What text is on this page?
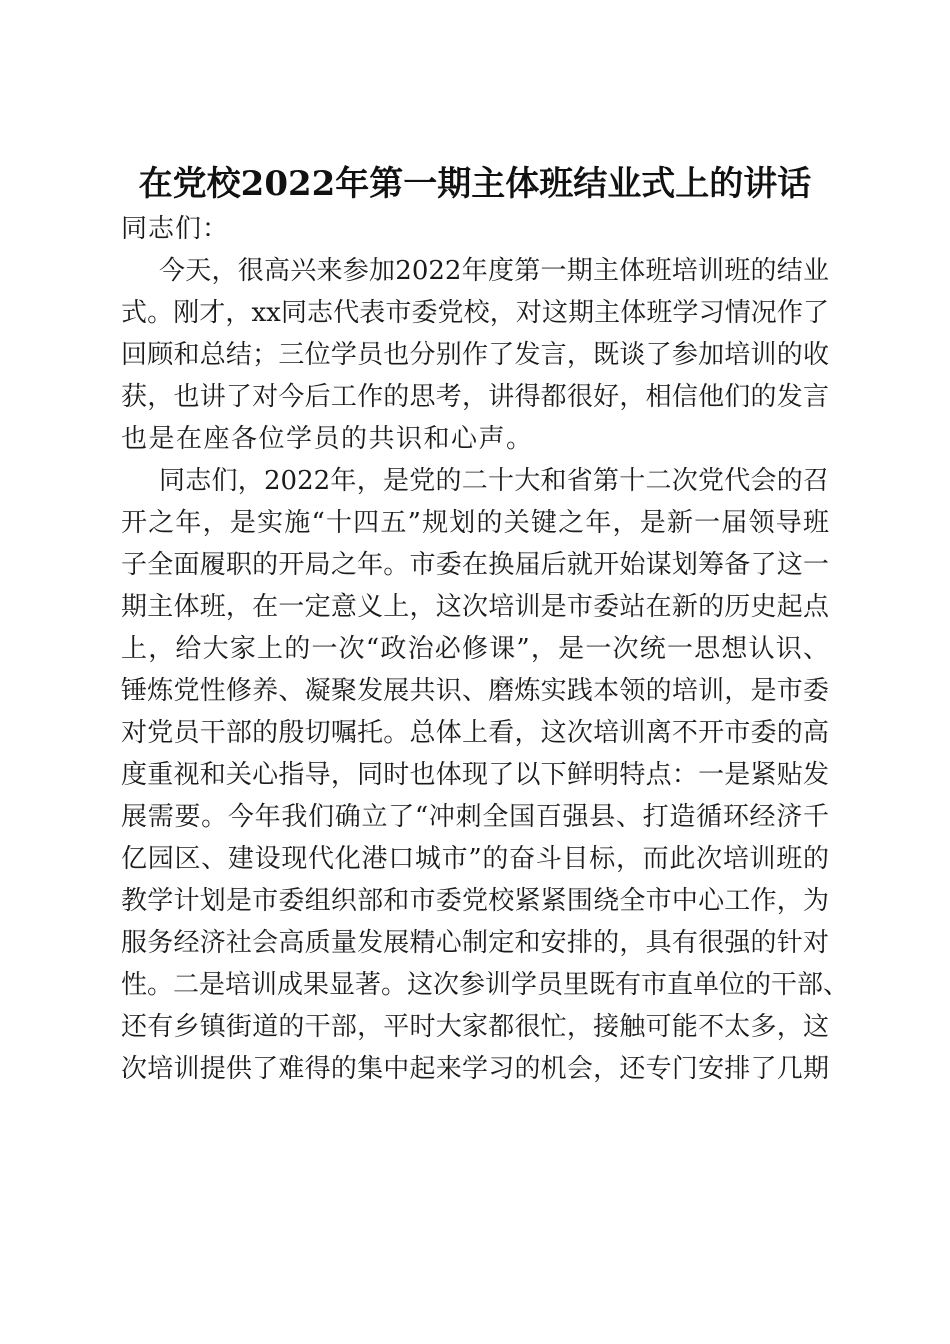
在党校2022年第一期主体班结业式上的讲话

同志们：

今天，很高兴来参加2022年度第一期主体班培训班的结业
式。刚才，xx同志代表市委党校，对这期主体班学习情况作了
回顾和总结；三位学员也分别作了发言，既谈了参加培训的收
获，也讲了对今后工作的思考，讲得都很好，相信他们的发言
也是在座各位学员的共识和心声。

同志们，2022年，是党的二十大和省第十二次党代会的召
开之年，是实施“十四五”规划的关键之年，是新一届领导班
子全面履职的开局之年。市委在换届后就开始谋划筹备了这一
期主体班，在一定意义上，这次培训是市委站在新的历史起点
上，给大家上的一次“政治必修课”，是一次统一思想认识、
锤炼党性修养、凝聚发展共识、磨炼实践本领的培训，是市委
对党员干部的殷切嘱托。总体上看，这次培训离不开市委的高
度重视和关心指导，同时也体现了以下鲜明特点：一是紧贴发
展需要。今年我们确立了“冲刺全国百强县、打造循环经济千
亿园区、建设现代化港口城市”的奋斗目标，而此次培训班的
教学计划是市委组织部和市委党校紧紧围绕全市中心工作，为
服务经济社会高质量发展精心制定和安排的，具有很强的针对
性。二是培训成果显著。这次参训学员里既有市直单位的干部、
还有乡镇街道的干部，平时大家都很忙，接触可能不太多，这
次培训提供了难得的集中起来学习的机会，还专门安排了几期
